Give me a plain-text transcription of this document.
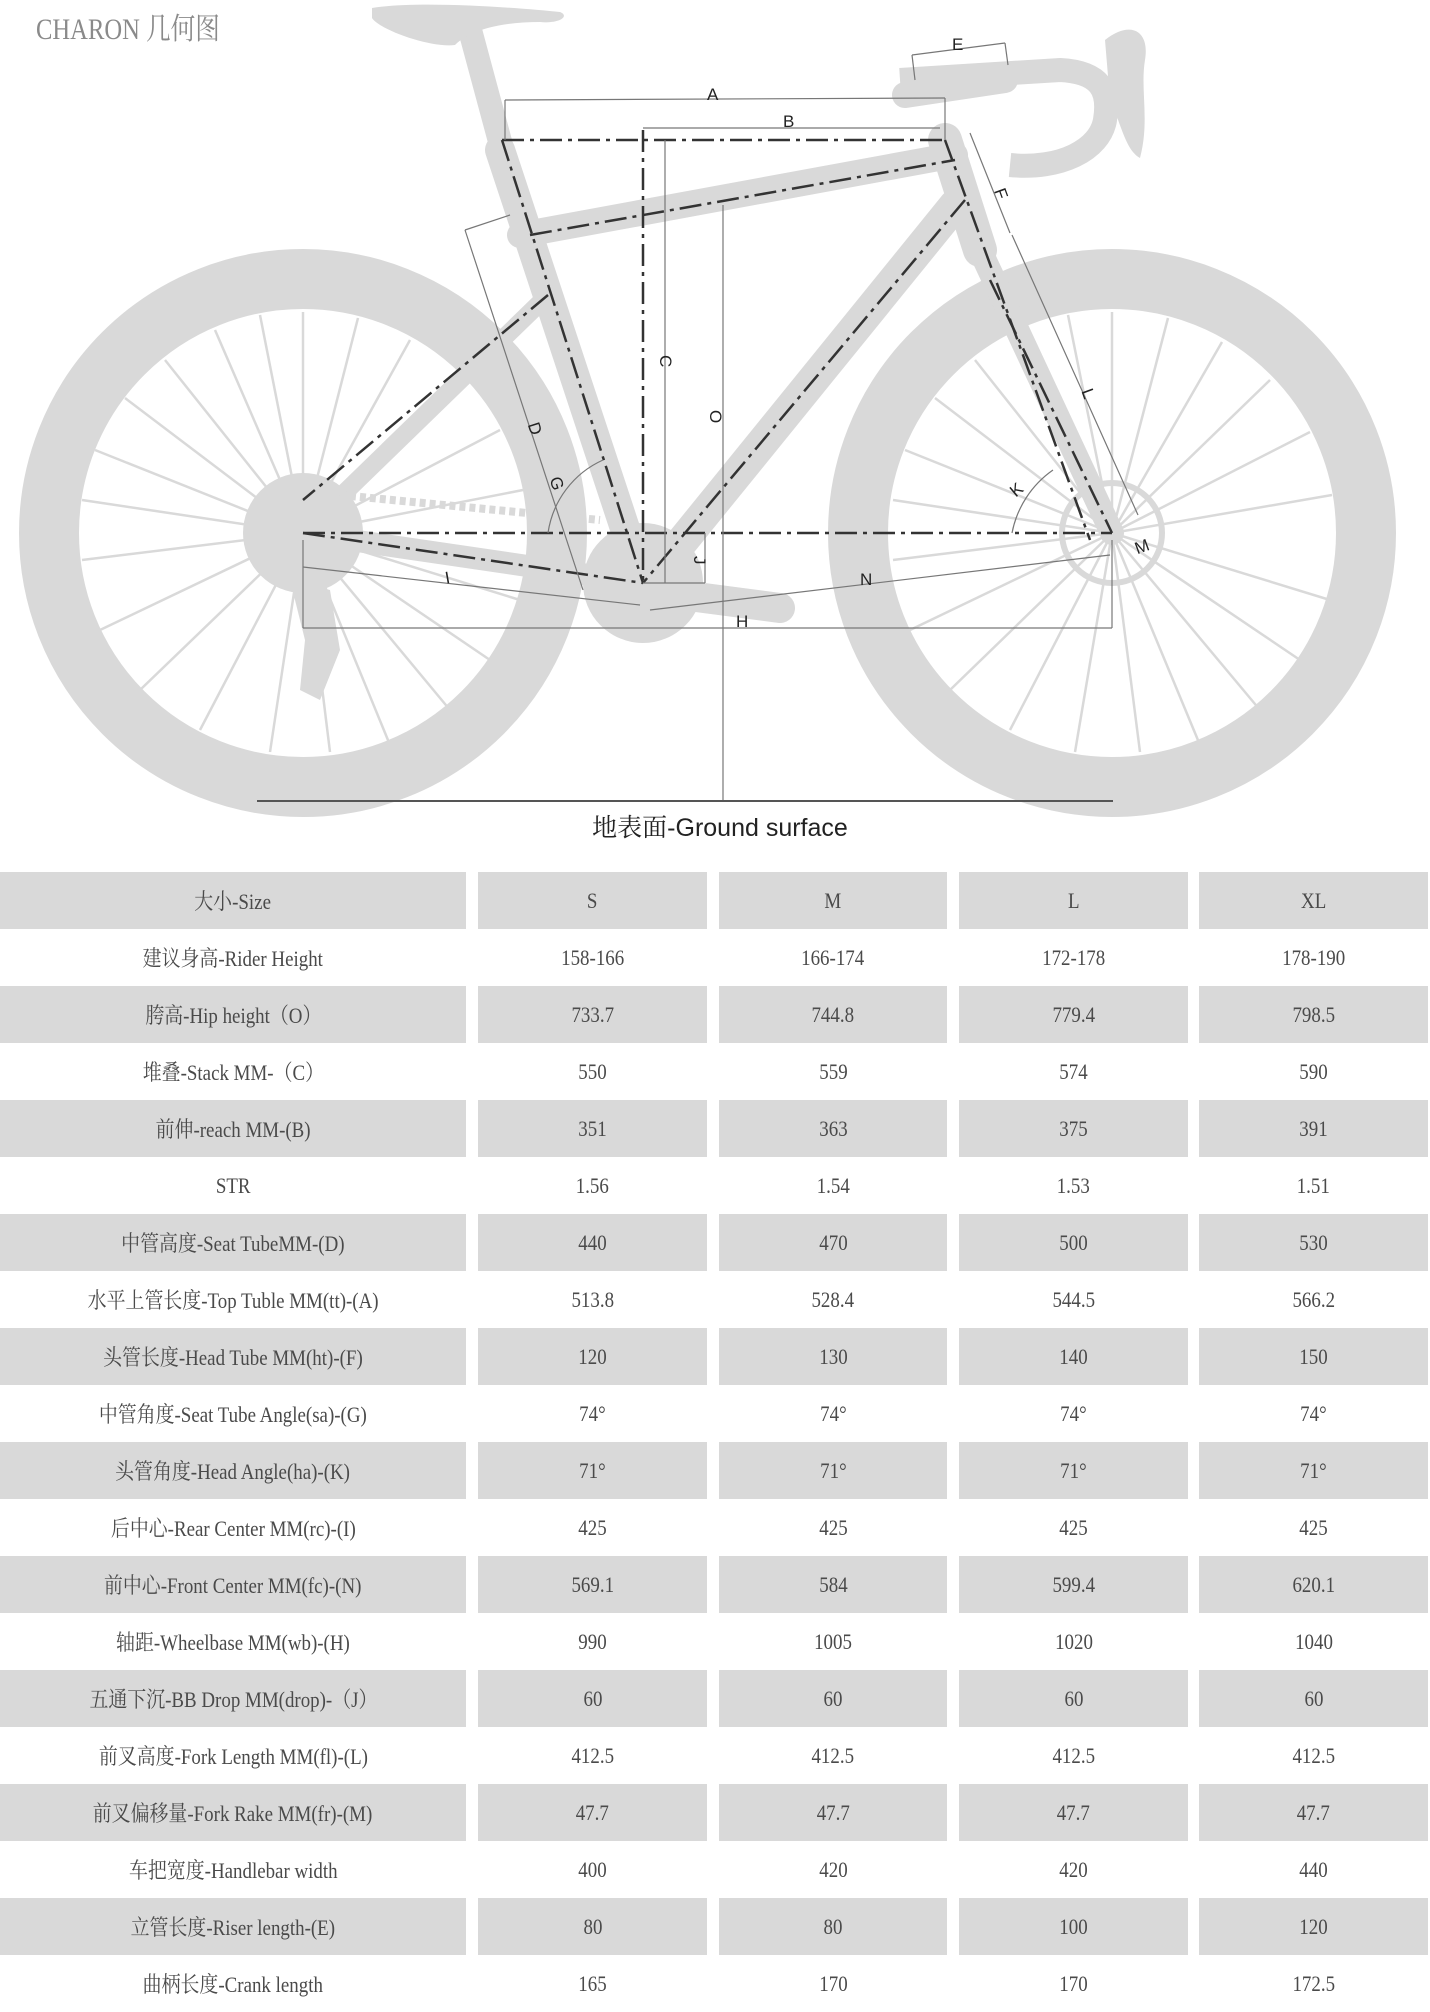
A
B
C
O
D
G
E
F
L
K
M
J
H
I	N
CHARON 几何图
地表面-Ground surface
大小-Size	S	M	L	XL
建议身高-Rider Height	158-166	166-174	172-178	178-190
胯高-Hip height（O）	733.7	744.8	779.4	798.5
堆叠-Stack MM-（C）	550	559	574	590
前伸-reach MM-(B)	351	363	375	391
STR	1.56	1.54	1.53	1.51
中管高度-Seat TubeMM-(D)	440	470	500	530
水平上管长度-Top Tuble MM(tt)-(A)	513.8	528.4	544.5	566.2
头管长度-Head Tube MM(ht)-(F)	120	130	140	150
中管角度-Seat Tube Angle(sa)-(G)	74°	74°	74°	74°
头管角度-Head Angle(ha)-(K)	71°	71°	71°	71°
后中心-Rear Center MM(rc)-(I)	425	425	425	425
前中心-Front Center MM(fc)-(N)	569.1	584	599.4	620.1
轴距-Wheelbase MM(wb)-(H)	990	1005	1020	1040
五通下沉-BB Drop MM(drop)-（J）	60	60	60	60
前叉高度-Fork Length MM(fl)-(L)	412.5	412.5	412.5	412.5
前叉偏移量-Fork Rake MM(fr)-(M)	47.7	47.7	47.7	47.7
车把宽度-Handlebar width	400	420	420	440
立管长度-Riser length-(E)	80	80	100	120
曲柄长度-Crank length	165	170	170	172.5
